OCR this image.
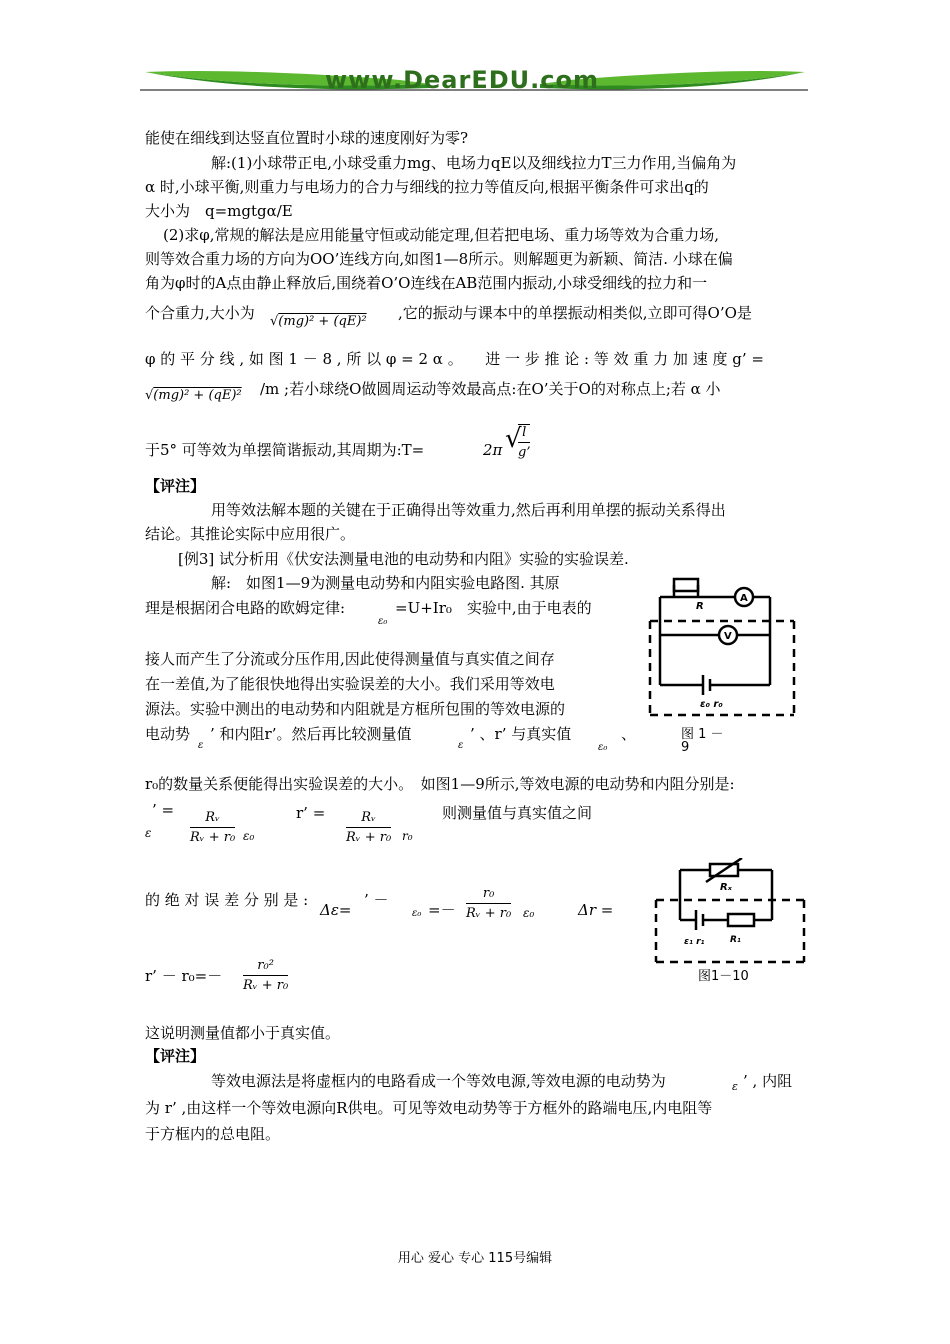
www.DearEDU.com
能使在细线到达竖直位置时小球的速度刚好为零?
解:(1)小球带正电,小球受重力mg、电场力qE以及细线拉力T三力作用,当偏角为
α 时,小球平衡,则重力与电场力的合力与细线的拉力等值反向,根据平衡条件可求出q的
大小为　q=mgtgα/E
(2)求φ,常规的解法是应用能量守恒或动能定理,但若把电场、重力场等效为合重力场,
则等效合重力场的方向为OO’连线方向,如图1—8所示。则解题更为新颖、简洁. 小球在偏
角为φ时的A点由静止释放后,围绕着O’O连线在AB范围内振动,小球受细线的拉力和一
个合重力,大小为 √(mg)² + (qE)² ,它的振动与课本中的单摆振动相类似,立即可得O’O是
φ 的 平 分 线 , 如 图 1 － 8 , 所 以 φ = 2 α 。　　进 一 步 推 论 : 等 效 重 力 加 速 度 g’ =
√(mg)² + (qE)² /m ;若小球绕O做圆周运动等效最高点:在O’关于O的对称点上;若 α 小
于5° 可等效为单摆简谐振动,其周期为:T=	2π √
$\frac{l}{g’}$
【评注】
用等效法解本题的关键在于正确得出等效重力,然后再利用单摆的振动关系得出
结论。其推论实际中应用很广。
[例3] 试分析用《伏安法测量电池的电动势和内阻》实验的实验误差.
解:　如图1—9为测量电动势和内阻实验电路图. 其原
理是根据闭合电路的欧姆定律:
ε₀
=U+Ir₀　实验中,由于电表的
接人而产生了分流或分压作用,因此使得测量值与真实值之间存
在一差值,为了能很快地得出实验误差的大小。我们采用等效电
源法。实验中测出的电动势和内阻就是方框所包围的等效电源的
电动势
ε
’ 和内阻r’。然后再比较测量值
ε
’ 、r’ 与真实值
ε₀
、
r₀的数量关系便能得出实验误差的大小。　如图1—9所示,等效电源的电动势和内阻分别是:
’ =
ε	$\frac{\text{Rᵥ}}{\text{Rᵥ + r₀}} \varepsilon_0$
r’ = $\frac{\text{Rᵥ}}{\text{Rᵥ + r₀}} r_0$
则测量值与真实值之间
的 绝 对 误 差 分 别 是 :
Δε=
’ －
$\varepsilon_0 =- \frac{\text{r₀}}{\text{Rᵥ + r₀}} \varepsilon_0$	Δr =
r’ － $r_0=- \frac{\text{r₀²}}{\text{Rᵥ + r₀}}$
这说明测量值都小于真实值。
【评注】
等效电源法是将虚框内的电路看成一个等效电源,等效电源的电动势为	ε ’ , 内阻
为 r’ ,由这样一个等效电源向R供电。可见等效电动势等于方框外的路端电压,内电阻等
于方框内的总电阻。
R
A
V
ε₀ r₀
图 1 －
9
Rₓ
R₁
ε₁ r₁
图1－10
用心 爱心 专心 115号编辑
